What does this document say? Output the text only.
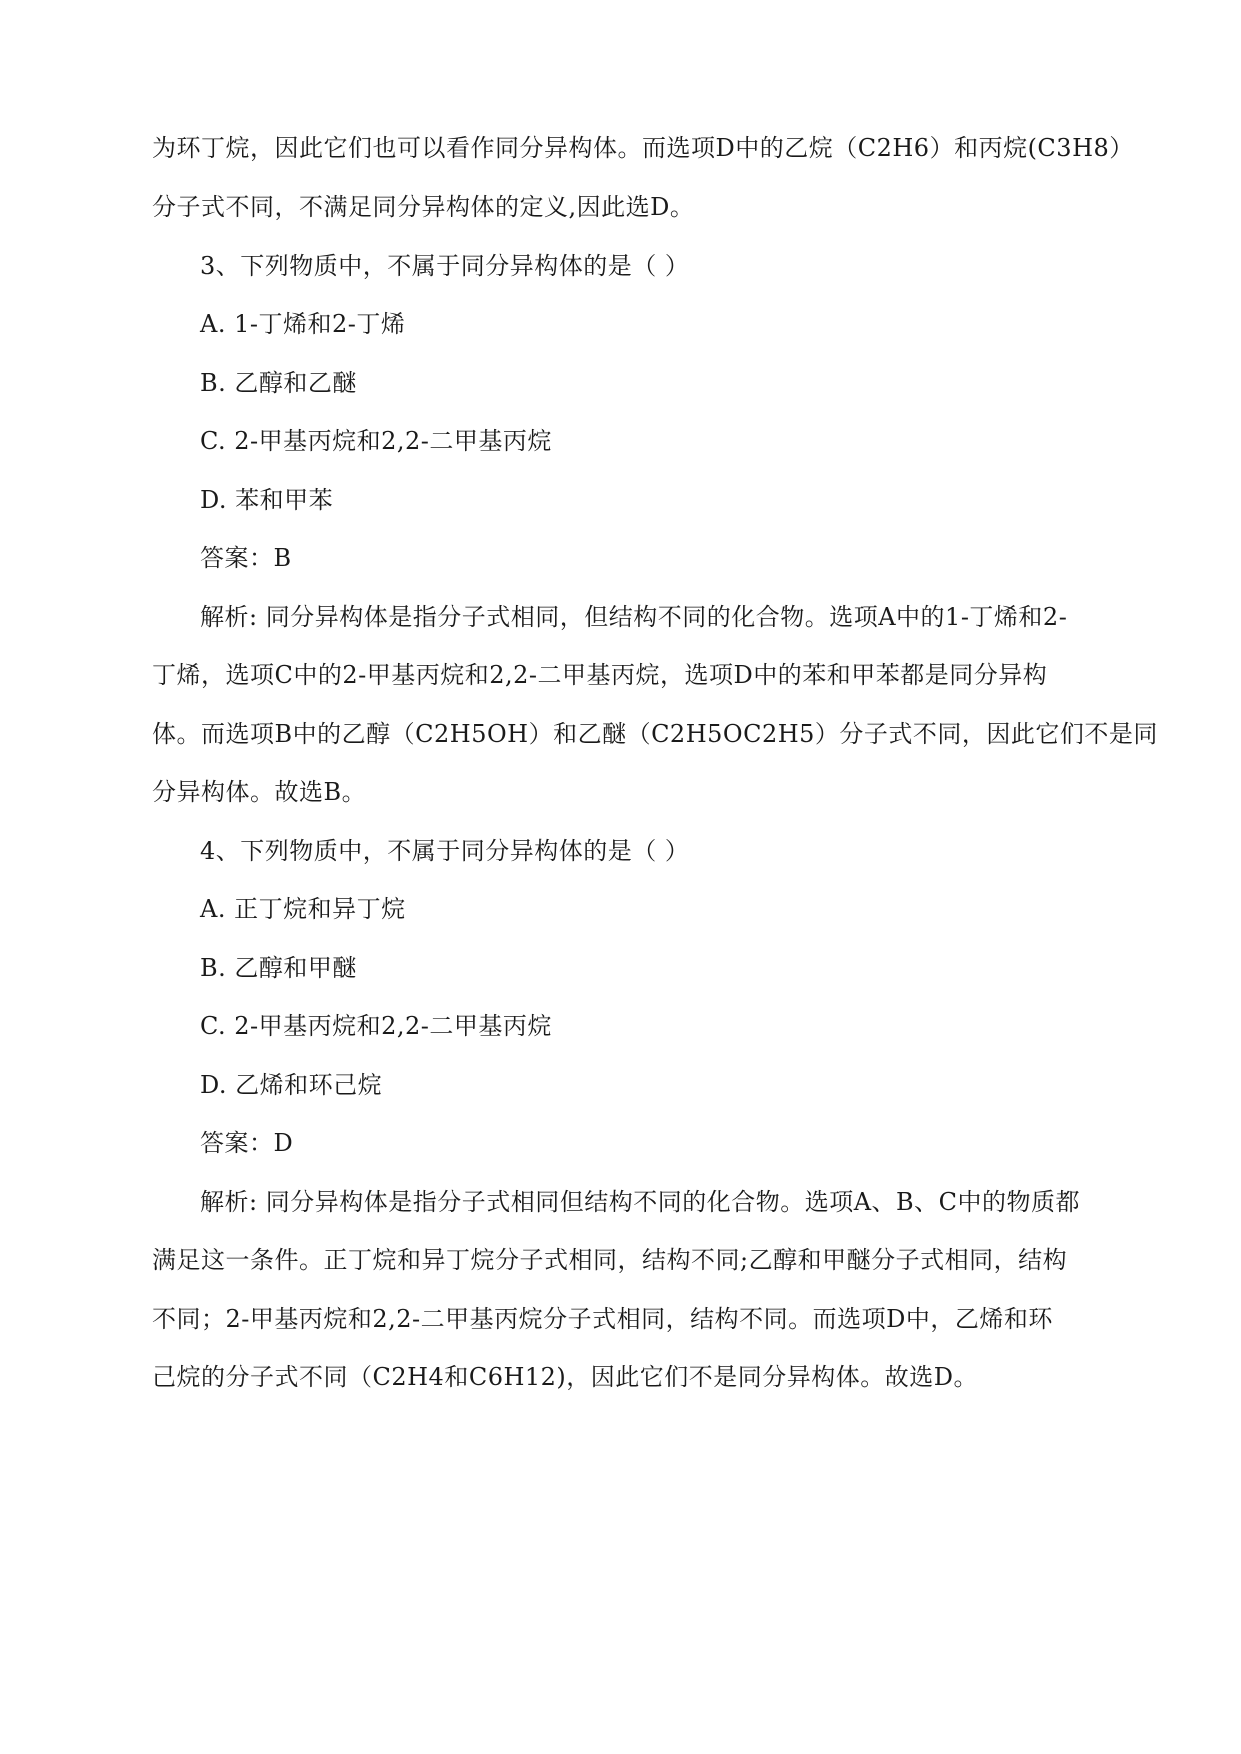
为环丁烷，因此它们也可以看作同分异构体。而选项D中的乙烷（C2H6）和丙烷(C3H8）
分子式不同，不满足同分异构体的定义,因此选D。
3、下列物质中，不属于同分异构体的是（ ）
A. 1-丁烯和2-丁烯
B. 乙醇和乙醚
C. 2-甲基丙烷和2,2-二甲基丙烷
D. 苯和甲苯
答案：B
解析: 同分异构体是指分子式相同，但结构不同的化合物。选项A中的1-丁烯和2-
丁烯，选项C中的2-甲基丙烷和2,2-二甲基丙烷，选项D中的苯和甲苯都是同分异构
体。而选项B中的乙醇（C2H5OH）和乙醚（C2H5OC2H5）分子式不同，因此它们不是同
分异构体。故选B。
4、下列物质中，不属于同分异构体的是（ ）
A. 正丁烷和异丁烷
B. 乙醇和甲醚
C. 2-甲基丙烷和2,2-二甲基丙烷
D. 乙烯和环己烷
答案：D
解析: 同分异构体是指分子式相同但结构不同的化合物。选项A、B、C中的物质都
满足这一条件。正丁烷和异丁烷分子式相同，结构不同;乙醇和甲醚分子式相同，结构
不同；2-甲基丙烷和2,2-二甲基丙烷分子式相同，结构不同。而选项D中，乙烯和环
己烷的分子式不同（C2H4和C6H12)，因此它们不是同分异构体。故选D。
